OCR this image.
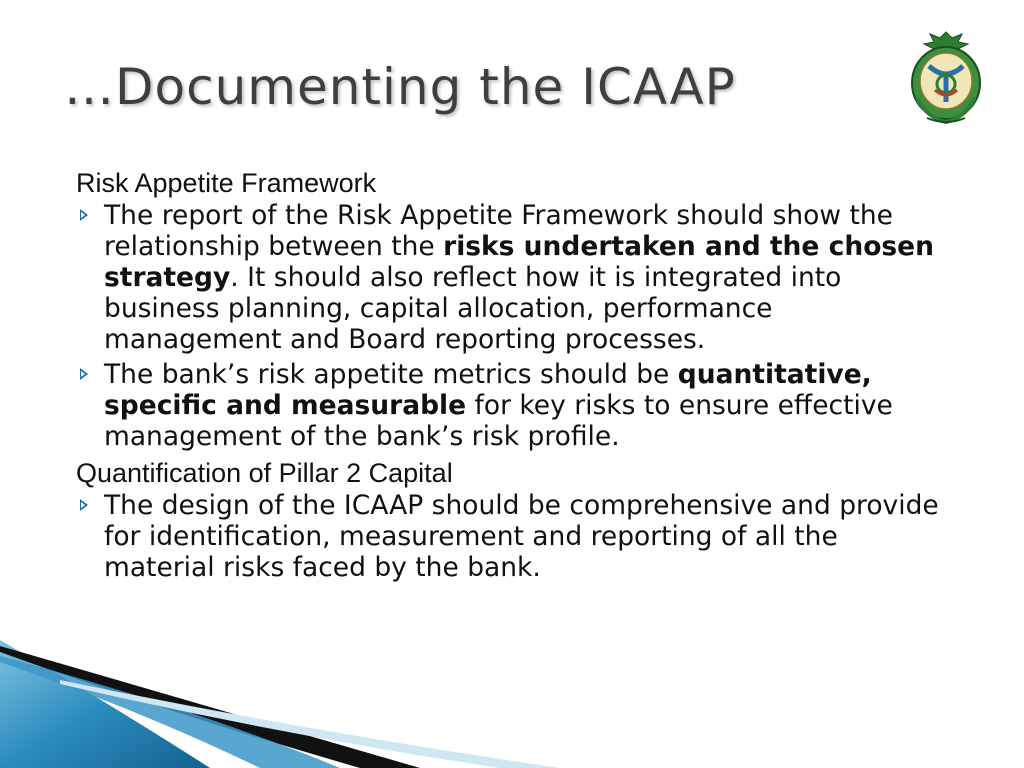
…Documenting the ICAAP
Risk Appetite Framework
The report of the Risk Appetite Framework should show the relationship between the risks undertaken and the chosen strategy. It should also reflect how it is integrated into business planning, capital allocation, performance management and Board reporting processes.
The bank’s risk appetite metrics should be quantitative, specific and measurable for key risks to ensure effective management of the bank’s risk profile.
Quantification of Pillar 2 Capital
The design of the ICAAP should be comprehensive and provide for identification, measurement and reporting of all the material risks faced by the bank.
